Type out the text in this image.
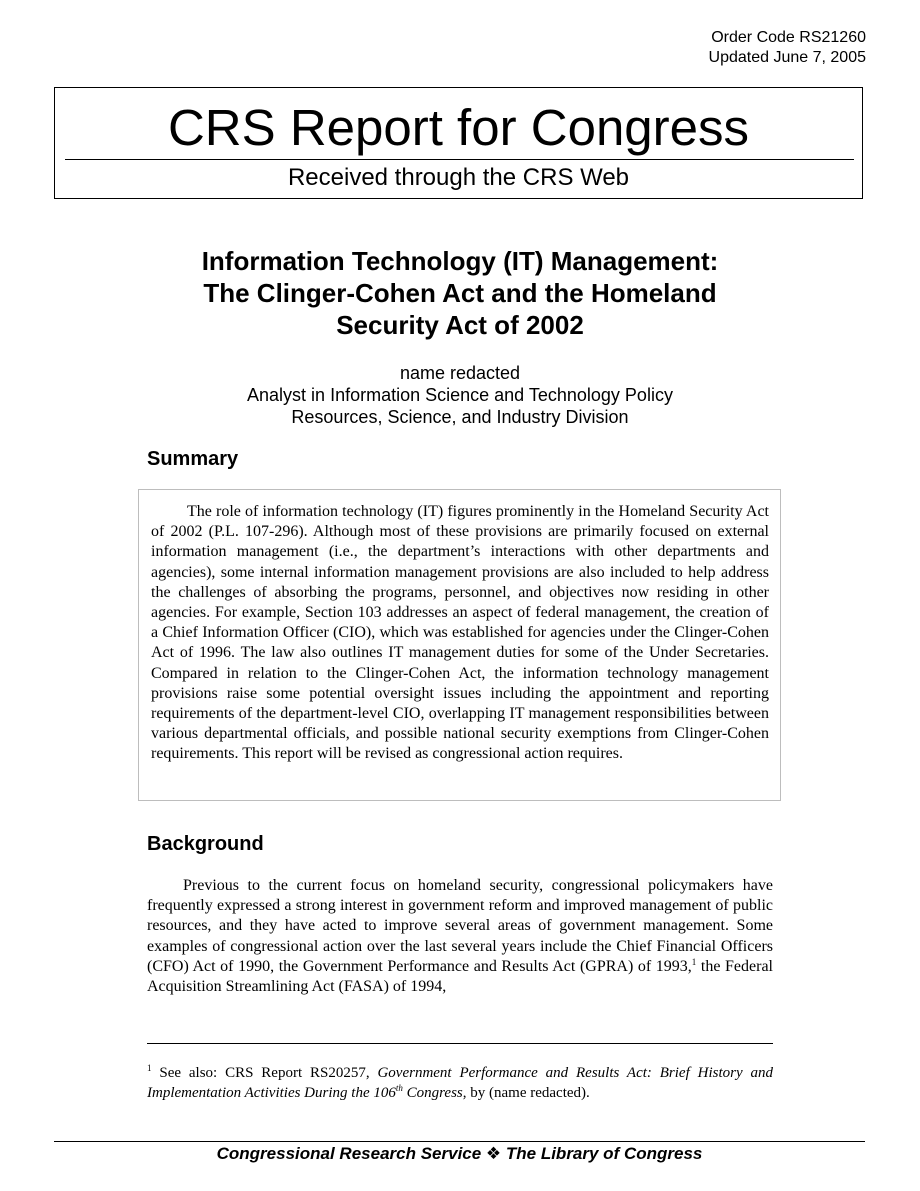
Order Code RS21260
Updated June 7, 2005
CRS Report for Congress
Received through the CRS Web
Information Technology (IT) Management:
The Clinger-Cohen Act and the Homeland
Security Act of 2002
name redacted
Analyst in Information Science and Technology Policy
Resources, Science, and Industry Division
Summary

The role of information technology (IT) figures prominently in the Homeland Security Act of 2002 (P.L. 107-296). Although most of these provisions are primarily focused on external information management (i.e., the department’s interactions with other departments and agencies), some internal information management provisions are also included to help address the challenges of absorbing the programs, personnel, and objectives now residing in other agencies. For example, Section 103 addresses an aspect of federal management, the creation of a Chief Information Officer (CIO), which was established for agencies under the Clinger-Cohen Act of 1996. The law also outlines IT management duties for some of the Under Secretaries. Compared in relation to the Clinger-Cohen Act, the information technology management provisions raise some potential oversight issues including the appointment and reporting requirements of the department-level CIO, overlapping IT management responsibilities between various departmental officials, and possible national security exemptions from Clinger-Cohen requirements. This report will be revised as congressional action requires.

Background

Previous to the current focus on homeland security, congressional policymakers have frequently expressed a strong interest in government reform and improved management of public resources, and they have acted to improve several areas of government management. Some examples of congressional action over the last several years include the Chief Financial Officers (CFO) Act of 1990, the Government Performance and Results Act (GPRA) of 1993,$^1$ the Federal Acquisition Streamlining Act (FASA) of 1994,

$^1$ See also: CRS Report RS20257, Government Performance and Results Act: Brief History and Implementation Activities During the 106th Congress, by (name redacted).

Congressional Research Service ❖ The Library of Congress
